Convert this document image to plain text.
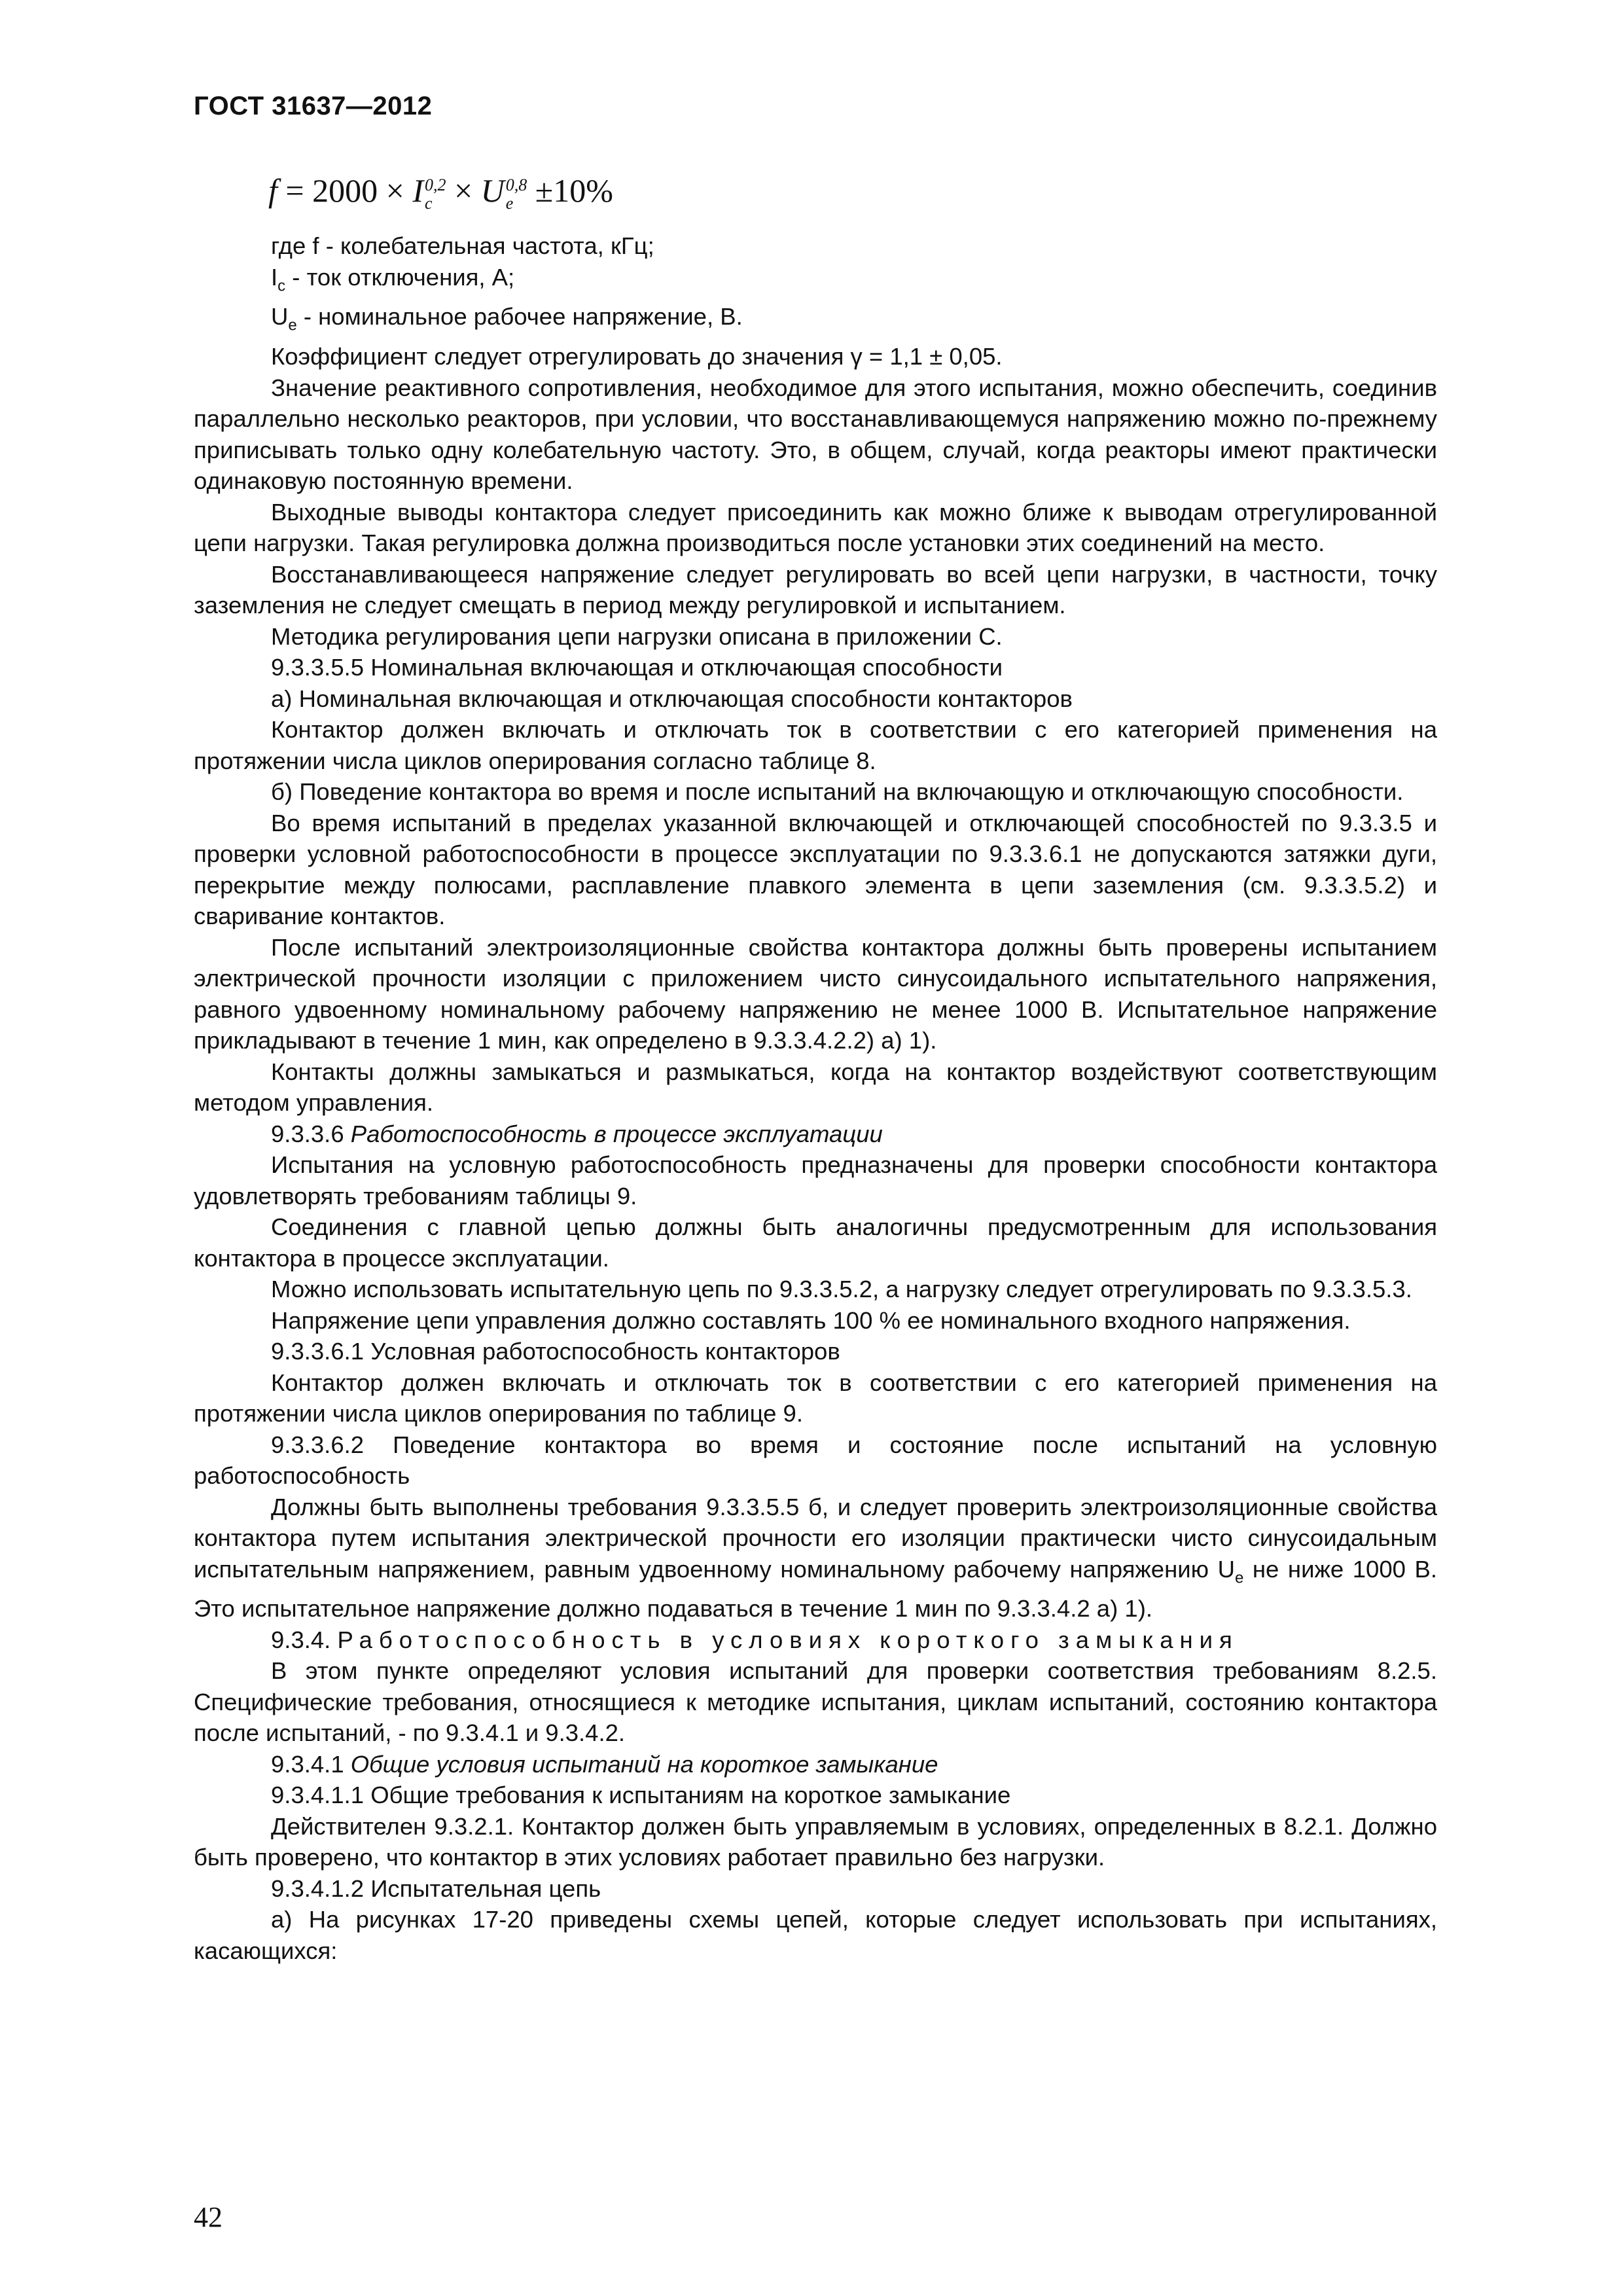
ГОСТ 31637—2012
f = 2000 × I 0,2
c × U 0,8
e ±10%

где f - колебательная частота, кГц;

$I_c$ - ток отключения, А;

$U_e$ - номинальное рабочее напряжение, В.

Коэффициент следует отрегулировать до значения γ = 1,1 ± 0,05.

Значение реактивного сопротивления, необходимое для этого испытания, можно обеспечить, соединив параллельно несколько реакторов, при условии, что восстанавливающемуся напряжению можно по-прежнему приписывать только одну колебательную частоту. Это, в общем, случай, когда реакторы имеют практически одинаковую постоянную времени.

Выходные выводы контактора следует присоединить как можно ближе к выводам отрегулированной цепи нагрузки. Такая регулировка должна производиться после установки этих соединений на место.

Восстанавливающееся напряжение следует регулировать во всей цепи нагрузки, в частности, точку заземления не следует смещать в период между регулировкой и испытанием.

Методика регулирования цепи нагрузки описана в приложении С.

9.3.3.5.5 Номинальная включающая и отключающая способности

а) Номинальная включающая и отключающая способности контакторов

Контактор должен включать и отключать ток в соответствии с его категорией применения на протяжении числа циклов оперирования согласно таблице 8.

б) Поведение контактора во время и после испытаний на включающую и отключающую способности.

Во время испытаний в пределах указанной включающей и отключающей способностей по 9.3.3.5 и проверки условной работоспособности в процессе эксплуатации по 9.3.3.6.1 не допускаются затяжки дуги, перекрытие между полюсами, расплавление плавкого элемента в цепи заземления (см. 9.3.3.5.2) и сваривание контактов.

После испытаний электроизоляционные свойства контактора должны быть проверены испытанием электрической прочности изоляции с приложением чисто синусоидального испытательного напряжения, равного удвоенному номинальному рабочему напряжению не менее 1000 В. Испытательное напряжение прикладывают в течение 1 мин, как определено в 9.3.3.4.2.2) а) 1).

Контакты должны замыкаться и размыкаться, когда на контактор воздействуют соответствующим методом управления.

9.3.3.6 Работоспособность в процессе эксплуатации

Испытания на условную работоспособность предназначены для проверки способности контактора удовлетворять требованиям таблицы 9.

Соединения с главной цепью должны быть аналогичны предусмотренным для использования контактора в процессе эксплуатации.

Можно использовать испытательную цепь по 9.3.3.5.2, а нагрузку следует отрегулировать по 9.3.3.5.3.

Напряжение цепи управления должно составлять 100 % ее номинального входного напряжения.

9.3.3.6.1 Условная работоспособность контакторов

Контактор должен включать и отключать ток в соответствии с его категорией применения на протяжении числа циклов оперирования по таблице 9.

9.3.3.6.2 Поведение контактора во время и состояние после испытаний на условную работоспособность

Должны быть выполнены требования 9.3.3.5.5 б, и следует проверить электроизоляционные свойства контактора путем испытания электрической прочности его изоляции практически чисто синусоидальным испытательным напряжением, равным удвоенному номинальному рабочему напряжению $U_e$ не ниже 1000 В. Это испытательное напряжение должно подаваться в течение 1 мин по 9.3.3.4.2 а) 1).

9.3.4. Работоспособность в условиях короткого замыкания

В этом пункте определяют условия испытаний для проверки соответствия требованиям 8.2.5. Специфические требования, относящиеся к методике испытания, циклам испытаний, состоянию контактора после испытаний, - по 9.3.4.1 и 9.3.4.2.

9.3.4.1 Общие условия испытаний на короткое замыкание

9.3.4.1.1 Общие требования к испытаниям на короткое замыкание

Действителен 9.3.2.1. Контактор должен быть управляемым в условиях, определенных в 8.2.1. Должно быть проверено, что контактор в этих условиях работает правильно без нагрузки.

9.3.4.1.2 Испытательная цепь

а) На рисунках 17-20 приведены схемы цепей, которые следует использовать при испытаниях, касающихся:

42
